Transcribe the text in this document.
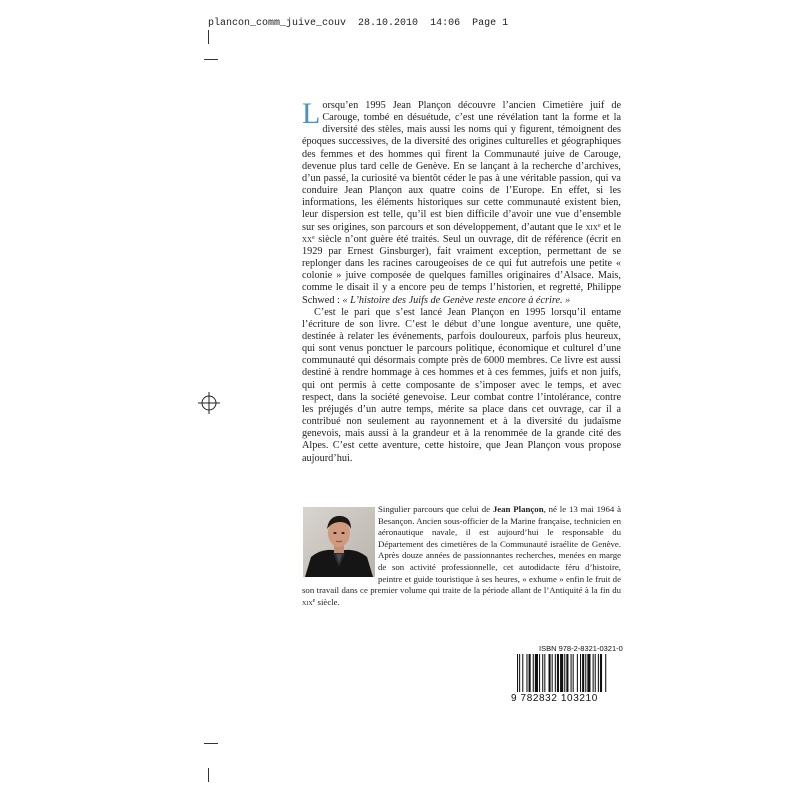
plancon_comm_juive_couv 28.10.2010 14:06 Page 1

Lorsqu’en 1995 Jean Plançon découvre l’ancien Cimetière juif de Carouge, tombé en désuétude, c’est une révélation tant la forme et la diversité des stèles, mais aussi les noms qui y figurent, témoignent des époques successives, de la diversité des origines culturelles et géographiques des femmes et des hommes qui firent la Communauté juive de Carouge, devenue plus tard celle de Genève. En se lançant à la recherche d’archives, d’un passé, la curiosité va bientôt céder le pas à une véritable passion, qui va conduire Jean Plançon aux quatre coins de l’Europe. En effet, si les informations, les éléments historiques sur cette communauté existent bien, leur dispersion est telle, qu’il est bien difficile d’avoir une vue d’ensemble sur ses origines, son parcours et son développement, d’autant que le xix$^e$ et le $xx^e$ siècle n’ont guère été traités. Seul un ouvrage, dit de référence (écrit en 1929 par Ernest Ginsburger), fait vraiment exception, permettant de se replonger dans les racines carougeoises de ce qui fut autrefois une petite « colonie » juive composée de quelques familles originaires d’Alsace. Mais, comme le disait il y a encore peu de temps l’historien, et regretté, Philippe Schwed : « L’histoire des Juifs de Genève reste encore à écrire. »

C’est le pari que s’est lancé Jean Plançon en 1995 lorsqu’il entame l’écriture de son livre. C’est le début d’une longue aventure, une quête, destinée à relater les événements, parfois douloureux, parfois plus heureux, qui sont venus ponctuer le parcours politique, économique et culturel d’une communauté qui désormais compte près de 6000 membres. Ce livre est aussi destiné à rendre hommage à ces hommes et à ces femmes, juifs et non juifs, qui ont permis à cette composante de s’imposer avec le temps, et avec respect, dans la société genevoise. Leur combat contre l’intolérance, contre les préjugés d’un autre temps, mérite sa place dans cet ouvrage, car il a contribué non seulement au rayonnement et à la diversité du judaïsme genevois, mais aussi à la grandeur et à la renommée de la grande cité des Alpes. C’est cette aventure, cette histoire, que Jean Plançon vous propose aujourd’hui.

Singulier parcours que celui de Jean Plançon, né le 13 mai 1964 à Besançon. Ancien sous-officier de la Marine française, technicien en aéronautique navale, il est aujourd’hui le responsable du Département des cimetières de la Communauté israélite de Genève. Après douze années de passionnantes recherches, menées en marge de son activité professionnelle, cet autodidacte féru d’histoire, peintre et guide touristique à ses heures, « exhume » enfin le fruit de son travail dans ce premier volume qui traite de la période allant de l’Antiquité à la fin du xix$^e$ siècle.
ISBN 978-2-8321-0321-0
9 782832 103210
